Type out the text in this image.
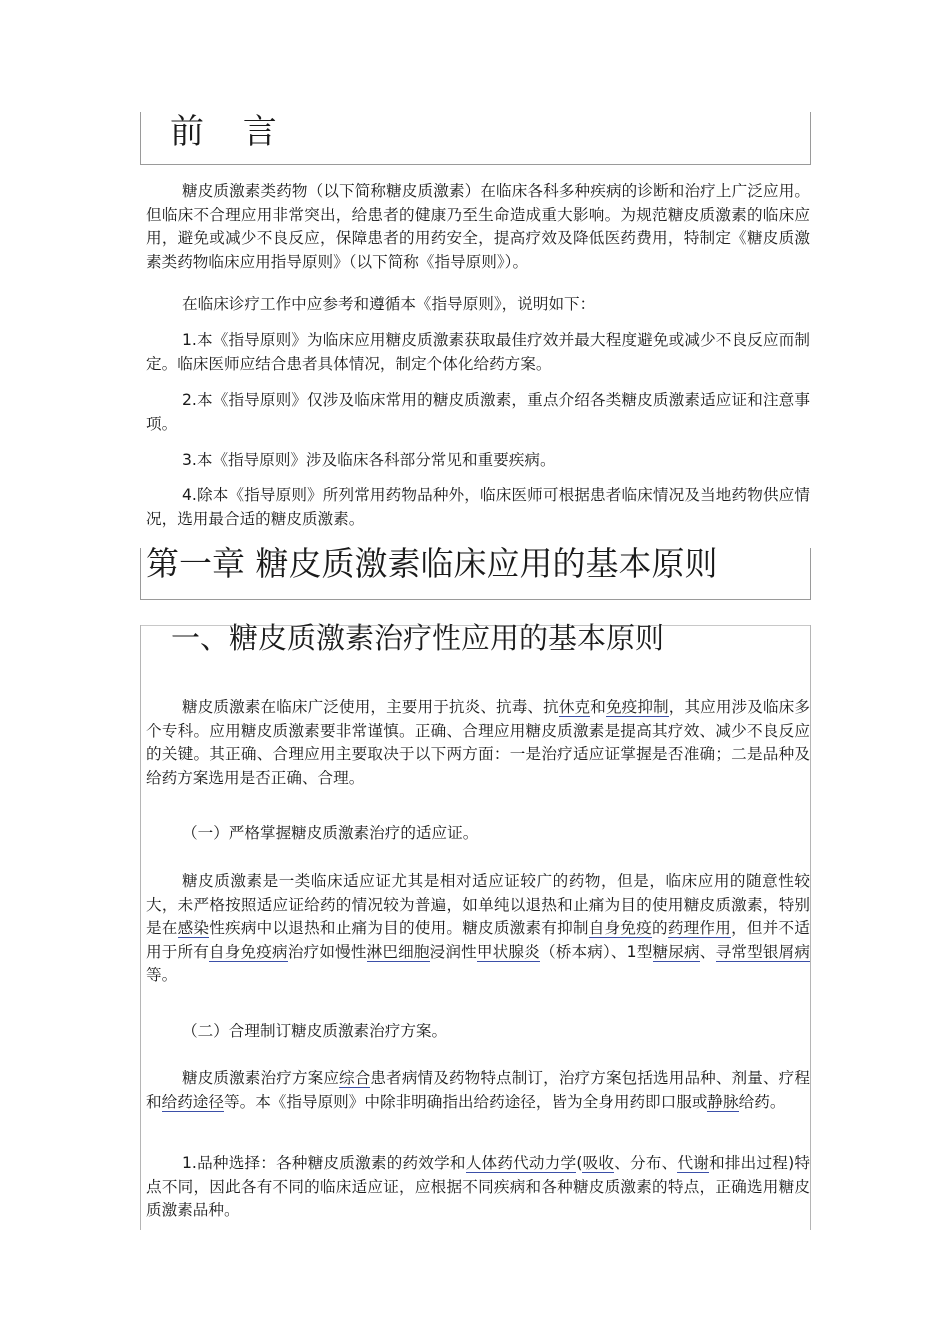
前 言

糖皮质激素类药物（以下简称糖皮质激素）在临床各科多种疾病的诊断和治疗上广泛应用。但临床不合理应用非常突出，给患者的健康乃至生命造成重大影响。为规范糖皮质激素的临床应用，避免或减少不良反应，保障患者的用药安全，提高疗效及降低医药费用，特制定《糖皮质激素类药物临床应用指导原则》（以下简称《指导原则》）。

在临床诊疗工作中应参考和遵循本《指导原则》，说明如下：

1.本《指导原则》为临床应用糖皮质激素获取最佳疗效并最大程度避免或减少不良反应而制定。临床医师应结合患者具体情况，制定个体化给药方案。

2.本《指导原则》仅涉及临床常用的糖皮质激素，重点介绍各类糖皮质激素适应证和注意事项。

3.本《指导原则》涉及临床各科部分常见和重要疾病。

4.除本《指导原则》所列常用药物品种外，临床医师可根据患者临床情况及当地药物供应情况，选用最合适的糖皮质激素。

第一章 糖皮质激素临床应用的基本原则
一、糖皮质激素治疗性应用的基本原则

糖皮质激素在临床广泛使用，主要用于抗炎、抗毒、抗休克和免疫抑制，其应用涉及临床多个专科。应用糖皮质激素要非常谨慎。正确、合理应用糖皮质激素是提高其疗效、减少不良反应的关键。其正确、合理应用主要取决于以下两方面：一是治疗适应证掌握是否准确；二是品种及给药方案选用是否正确、合理。

（一）严格掌握糖皮质激素治疗的适应证。

糖皮质激素是一类临床适应证尤其是相对适应证较广的药物，但是，临床应用的随意性较大，未严格按照适应证给药的情况较为普遍，如单纯以退热和止痛为目的使用糖皮质激素，特别是在感染性疾病中以退热和止痛为目的使用。糖皮质激素有抑制自身免疫的药理作用，但并不适用于所有自身免疫病治疗如慢性淋巴细胞浸润性甲状腺炎（桥本病）、1型糖尿病、寻常型银屑病等。

（二）合理制订糖皮质激素治疗方案。

糖皮质激素治疗方案应综合患者病情及药物特点制订，治疗方案包括选用品种、剂量、疗程和给药途径等。本《指导原则》中除非明确指出给药途径，皆为全身用药即口服或静脉给药。

1.品种选择：各种糖皮质激素的药效学和人体药代动力学(吸收、分布、代谢和排出过程)特点不同，因此各有不同的临床适应证，应根据不同疾病和各种糖皮质激素的特点，正确选用糖皮质激素品种。
